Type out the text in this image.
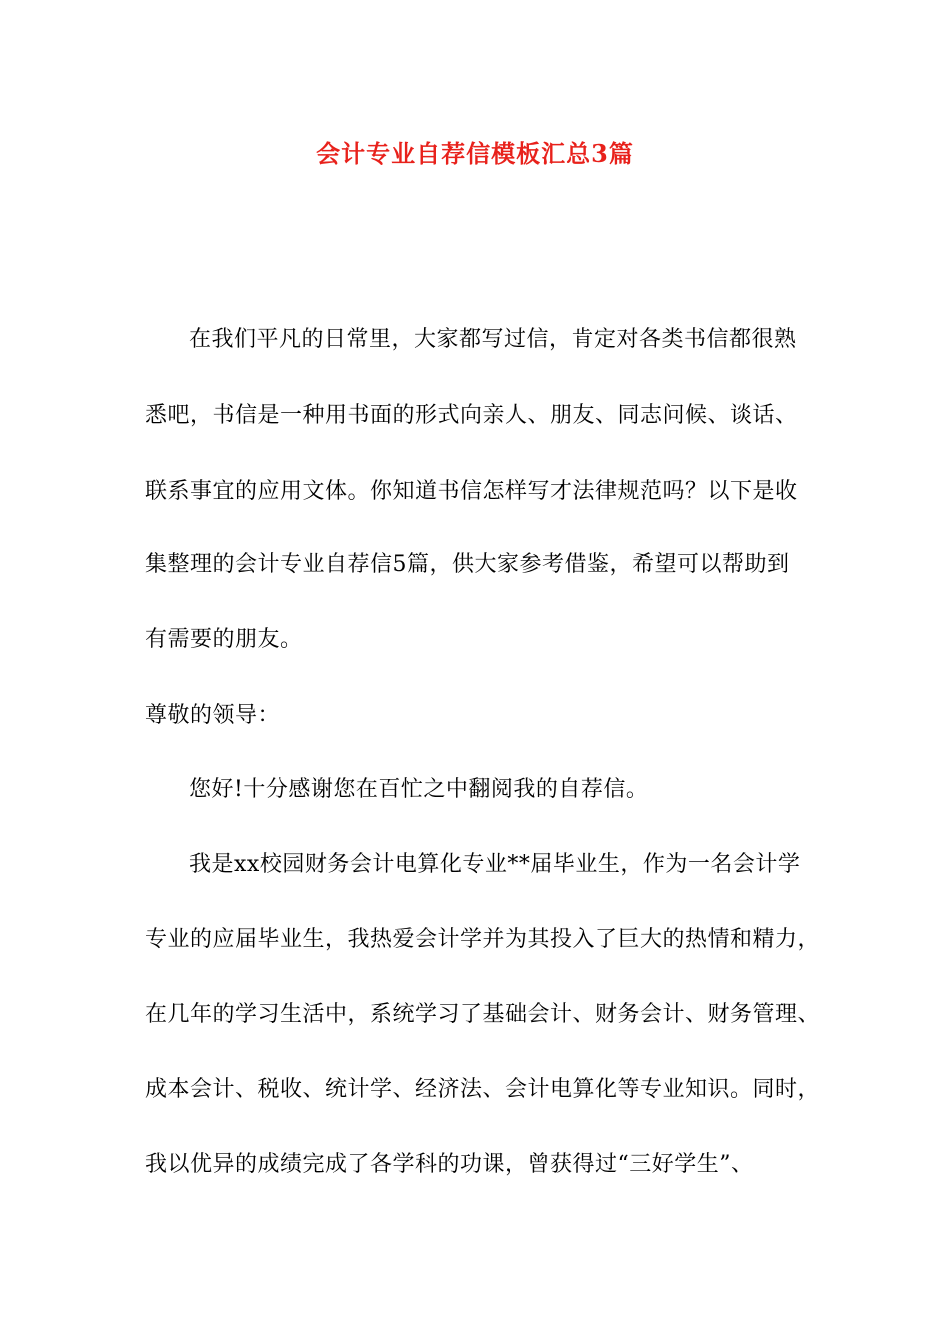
会计专业自荐信模板汇总3篇
在我们平凡的日常里，大家都写过信，肯定对各类书信都很熟
悉吧，书信是一种用书面的形式向亲人、朋友、同志问候、谈话、
联系事宜的应用文体。你知道书信怎样写才法律规范吗？以下是收
集整理的会计专业自荐信5篇，供大家参考借鉴，希望可以帮助到
有需要的朋友。
尊敬的领导：
您好!十分感谢您在百忙之中翻阅我的自荐信。
我是xx校园财务会计电算化专业**届毕业生，作为一名会计学
专业的应届毕业生，我热爱会计学并为其投入了巨大的热情和精力，
在几年的学习生活中，系统学习了基础会计、财务会计、财务管理、
成本会计、税收、统计学、经济法、会计电算化等专业知识。同时，
我以优异的成绩完成了各学科的功课，曾获得过“三好学生”、
